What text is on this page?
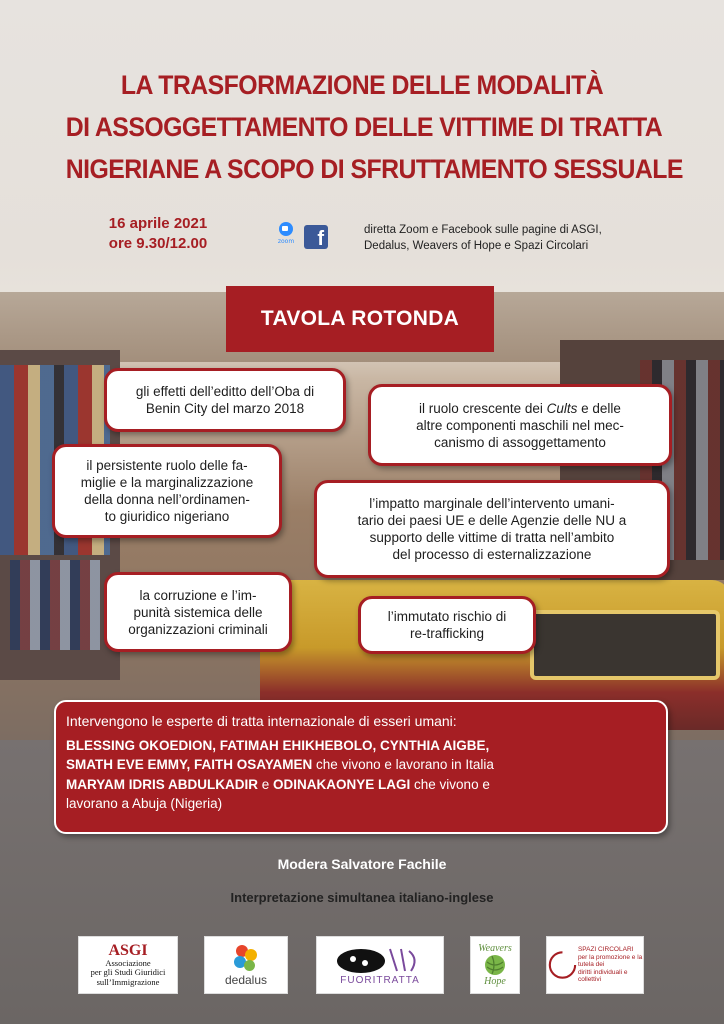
LA TRASFORMAZIONE DELLE MODALITÀ
DI ASSOGGETTAMENTO DELLE VITTIME DI TRATTA
NIGERIANE A SCOPO DI SFRUTTAMENTO SESSUALE
16 aprile 2021
ore 9.30/12.00	zoom	f	diretta Zoom e Facebook sulle pagine di ASGI,
Dedalus, Weavers of Hope e Spazi Circolari
TAVOLA ROTONDA
gli effetti dell’editto dell’Oba di
Benin City del marzo 2018	il ruolo crescente dei Cults e delle
altre componenti maschili nel mec-
canismo di assoggettamento
il persistente ruolo delle fa-
miglie e la marginalizzazione
della donna nell’ordinamen-
to giuridico nigeriano
l’impatto marginale dell’intervento umani-
tario dei paesi UE e delle Agenzie delle NU a
supporto delle vittime di tratta nell’ambito
del processo di esternalizzazione
la corruzione e l’im-
punità sistemica delle
organizzazioni criminali
l’immutato rischio di
re-trafficking
Intervengono le esperte di tratta internazionale di esseri umani:
BLESSING OKOEDION, FATIMAH EHIKHEBOLO, CYNTHIA AIGBE,
SMATH EVE EMMY, FAITH OSAYAMEN che vivono e lavorano in Italia
MARYAM IDRIS ABDULKADIR e ODINAKAONYE LAGI che vivono e
lavorano a Abuja (Nigeria)
Modera Salvatore Fachile
Interpretazione simultanea italiano-inglese
ASGI
Associazione
per gli Studi Giuridici
sull’Immigrazione	dedalus	FUORITRATTA
Weavers
Hope
SPAZI CIRCOLARI
per la promozione e la tutela dei
diritti individuali e collettivi
